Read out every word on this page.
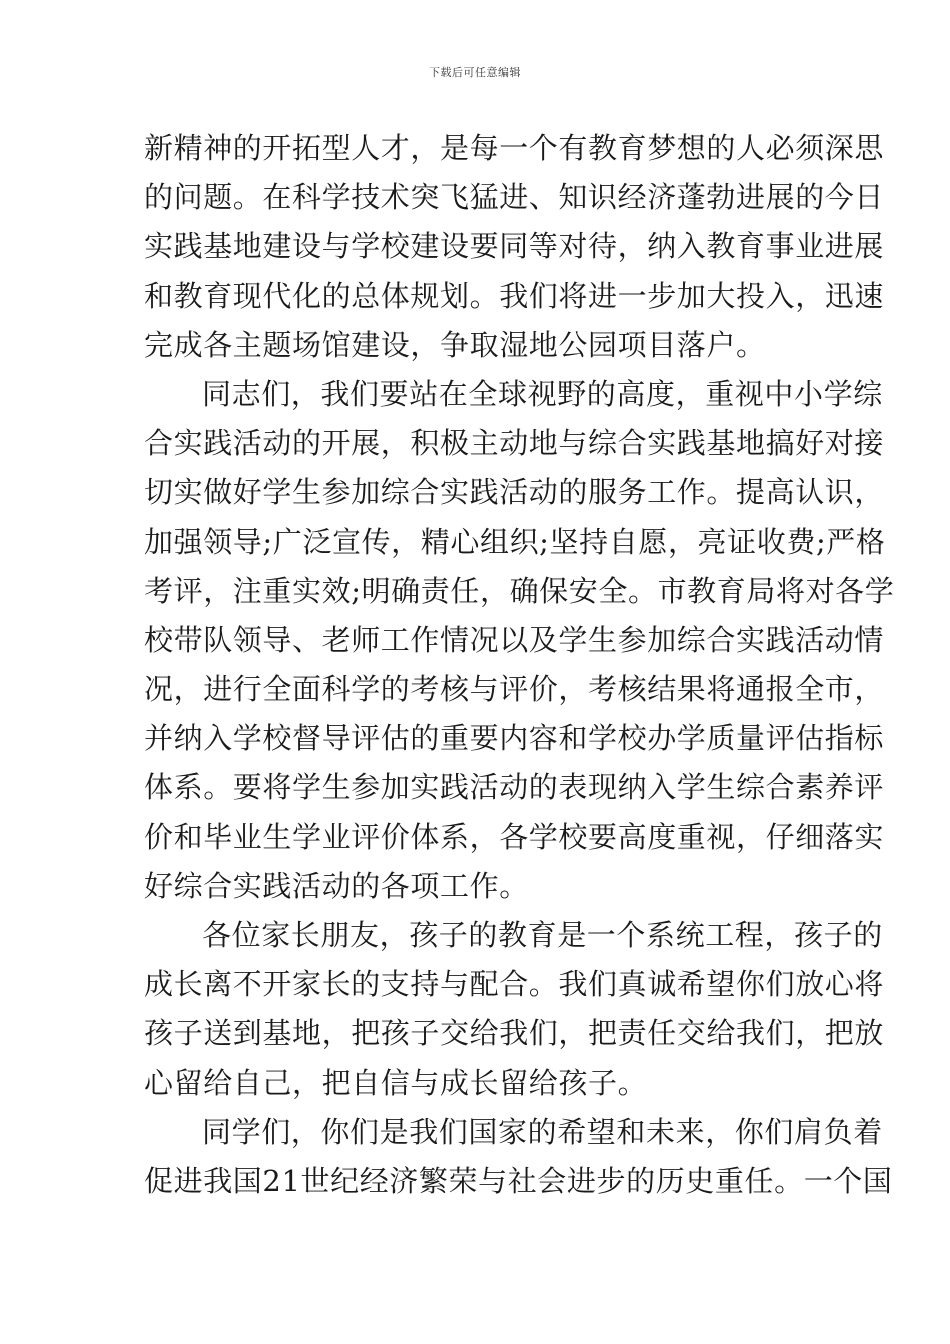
下载后可任意编辑
新精神的开拓型人才，是每一个有教育梦想的人必须深思
的问题。在科学技术突飞猛进、知识经济蓬勃进展的今日
实践基地建设与学校建设要同等对待，纳入教育事业进展
和教育现代化的总体规划。我们将进一步加大投入，迅速
完成各主题场馆建设，争取湿地公园项目落户。
同志们，我们要站在全球视野的高度，重视中小学综
合实践活动的开展，积极主动地与综合实践基地搞好对接
切实做好学生参加综合实践活动的服务工作。提高认识，
加强领导;广泛宣传，精心组织;坚持自愿，亮证收费;严格
考评，注重实效;明确责任，确保安全。市教育局将对各学
校带队领导、老师工作情况以及学生参加综合实践活动情
况，进行全面科学的考核与评价，考核结果将通报全市，
并纳入学校督导评估的重要内容和学校办学质量评估指标
体系。要将学生参加实践活动的表现纳入学生综合素养评
价和毕业生学业评价体系，各学校要高度重视，仔细落实
好综合实践活动的各项工作。
各位家长朋友，孩子的教育是一个系统工程，孩子的
成长离不开家长的支持与配合。我们真诚希望你们放心将
孩子送到基地，把孩子交给我们，把责任交给我们，把放
心留给自己，把自信与成长留给孩子。
同学们，你们是我们国家的希望和未来，你们肩负着
促进我国21世纪经济繁荣与社会进步的历史重任。一个国
